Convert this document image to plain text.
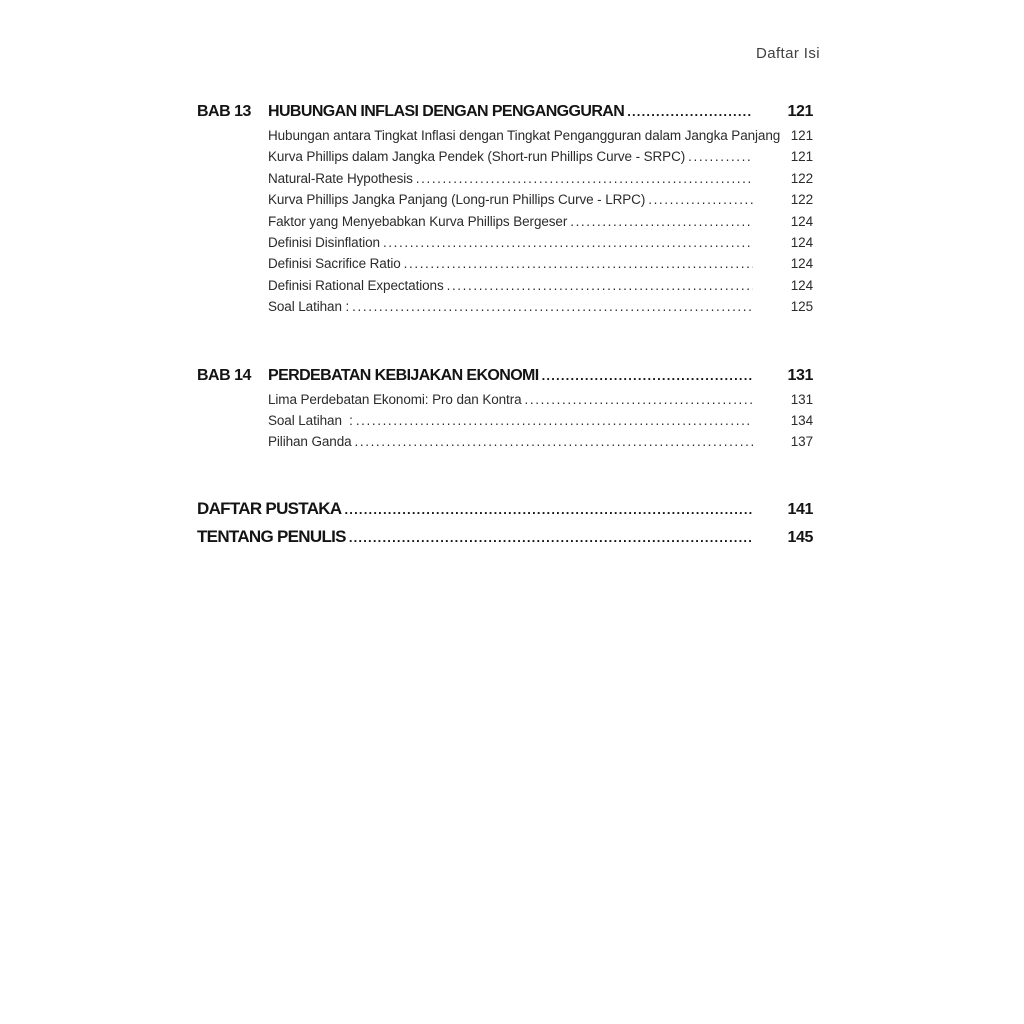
Daftar Isi
BAB 13	HUBUNGAN INFLASI DENGAN PENGANGGURAN .....	121
Hubungan antara Tingkat Inflasi dengan Tingkat Pengangguran dalam Jangka Panjang 121
Kurva Phillips dalam Jangka Pendek (Short-run Phillips Curve - SRPC) .....	121
Natural-Rate Hypothesis .....	122
Kurva Phillips Jangka Panjang (Long-run Phillips Curve - LRPC) .....	122
Faktor yang Menyebabkan Kurva Phillips Bergeser .....	124
Definisi Disinflation .....	124
Definisi Sacrifice Ratio .....	124
Definisi Rational Expectations .....	124
Soal Latihan : .....	125
BAB 14	PERDEBATAN KEBIJAKAN EKONOMI .....	131
Lima Perdebatan Ekonomi: Pro dan Kontra .....	131
Soal Latihan  : .....	134
Pilihan Ganda .....	137
DAFTAR PUSTAKA .....	141
TENTANG PENULIS .....	145
